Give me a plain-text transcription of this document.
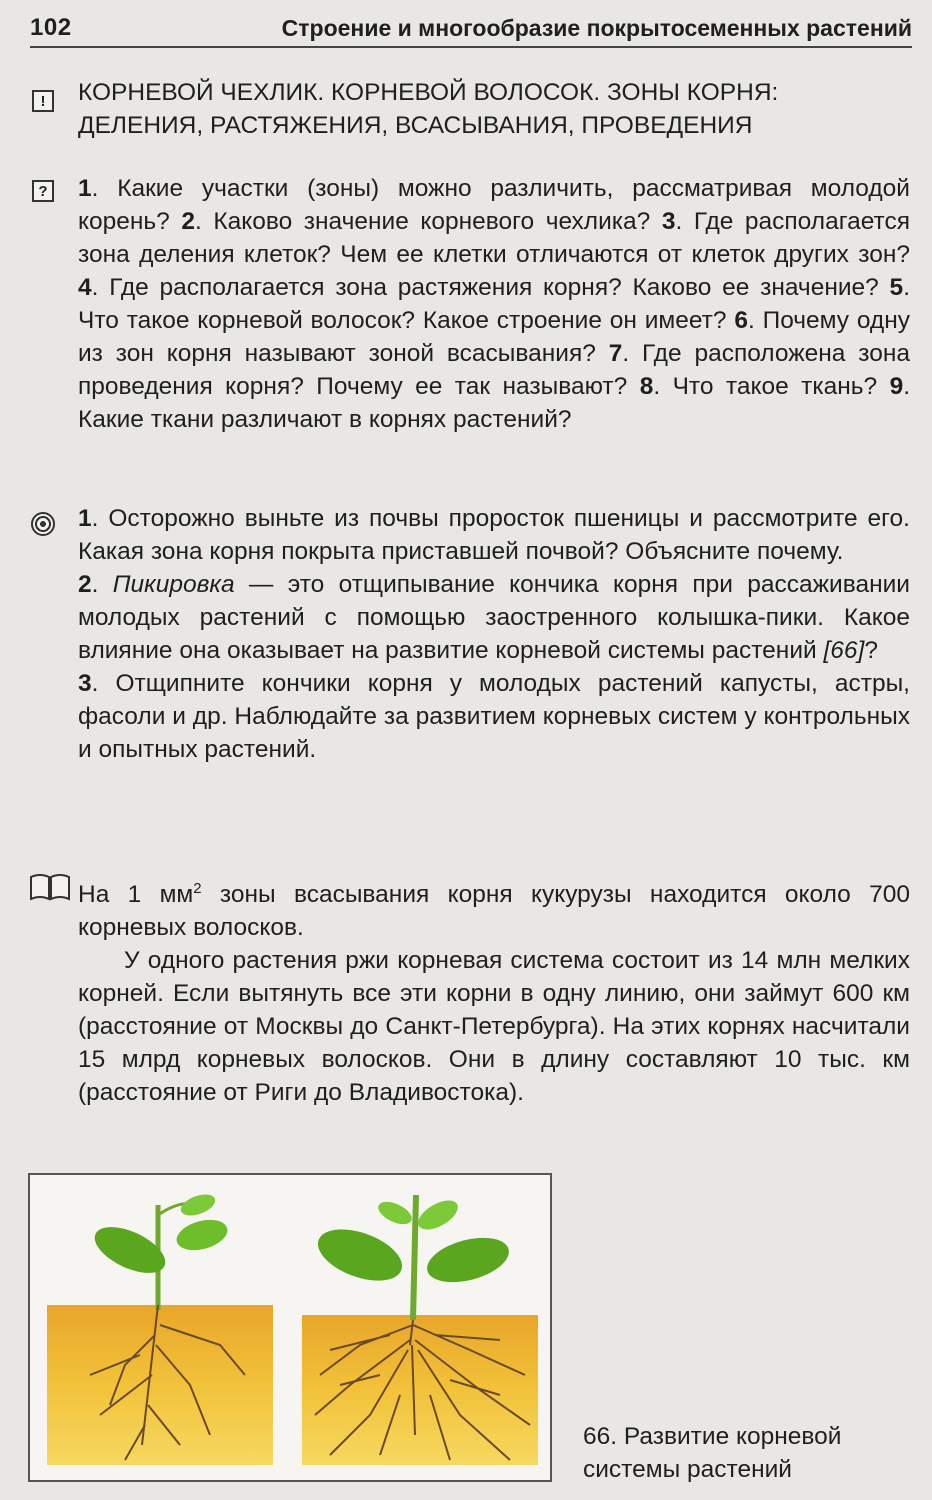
102	Строение и многообразие покрытосеменных растений
!	КОРНЕВОЙ ЧЕХЛИК. КОРНЕВОЙ ВОЛОСОК. ЗОНЫ КОРНЯ:

ДЕЛЕНИЯ, РАСТЯЖЕНИЯ, ВСАСЫВАНИЯ, ПРОВЕДЕНИЯ

? 1. Какие участки (зоны) можно различить, рассматривая молодой корень? 2. Каково значение корневого чехлика? 3. Где располагается зона деления клеток? Чем ее клетки отличаются от клеток других зон? 4. Где располагается зона растяжения корня? Каково ее значение? 5. Что такое корневой волосок? Какое строение он имеет? 6. Почему одну из зон корня называют зоной всасывания? 7. Где расположена зона проведения корня? Почему ее так называют? 8. Что такое ткань? 9. Какие ткани различают в корнях растений?

1. Осторожно выньте из почвы проросток пшеницы и рассмотрите его. Какая зона корня покрыта приставшей почвой? Объясните почему.

2. Пикировка — это отщипывание кончика корня при рассаживании молодых растений с помощью заостренного колышка-пики. Какое влияние она оказывает на развитие корневой системы растений [66]?

3. Отщипните кончики корня у молодых растений капусты, астры, фасоли и др. Наблюдайте за развитием корневых систем у контрольных и опытных растений.

На 1 $мм^2$ зоны всасывания корня кукурузы находится около 700 корневых волосков.

У одного растения ржи корневая система состоит из 14 млн мелких корней. Если вытянуть все эти корни в одну линию, они займут 600 км (расстояние от Москвы до Санкт-Петербурга). На этих корнях насчитали 15 млрд корневых волосков. Они в длину составляют 10 тыс. км (расстояние от Риги до Владивостока).

66. Развитие корневой
системы растений
